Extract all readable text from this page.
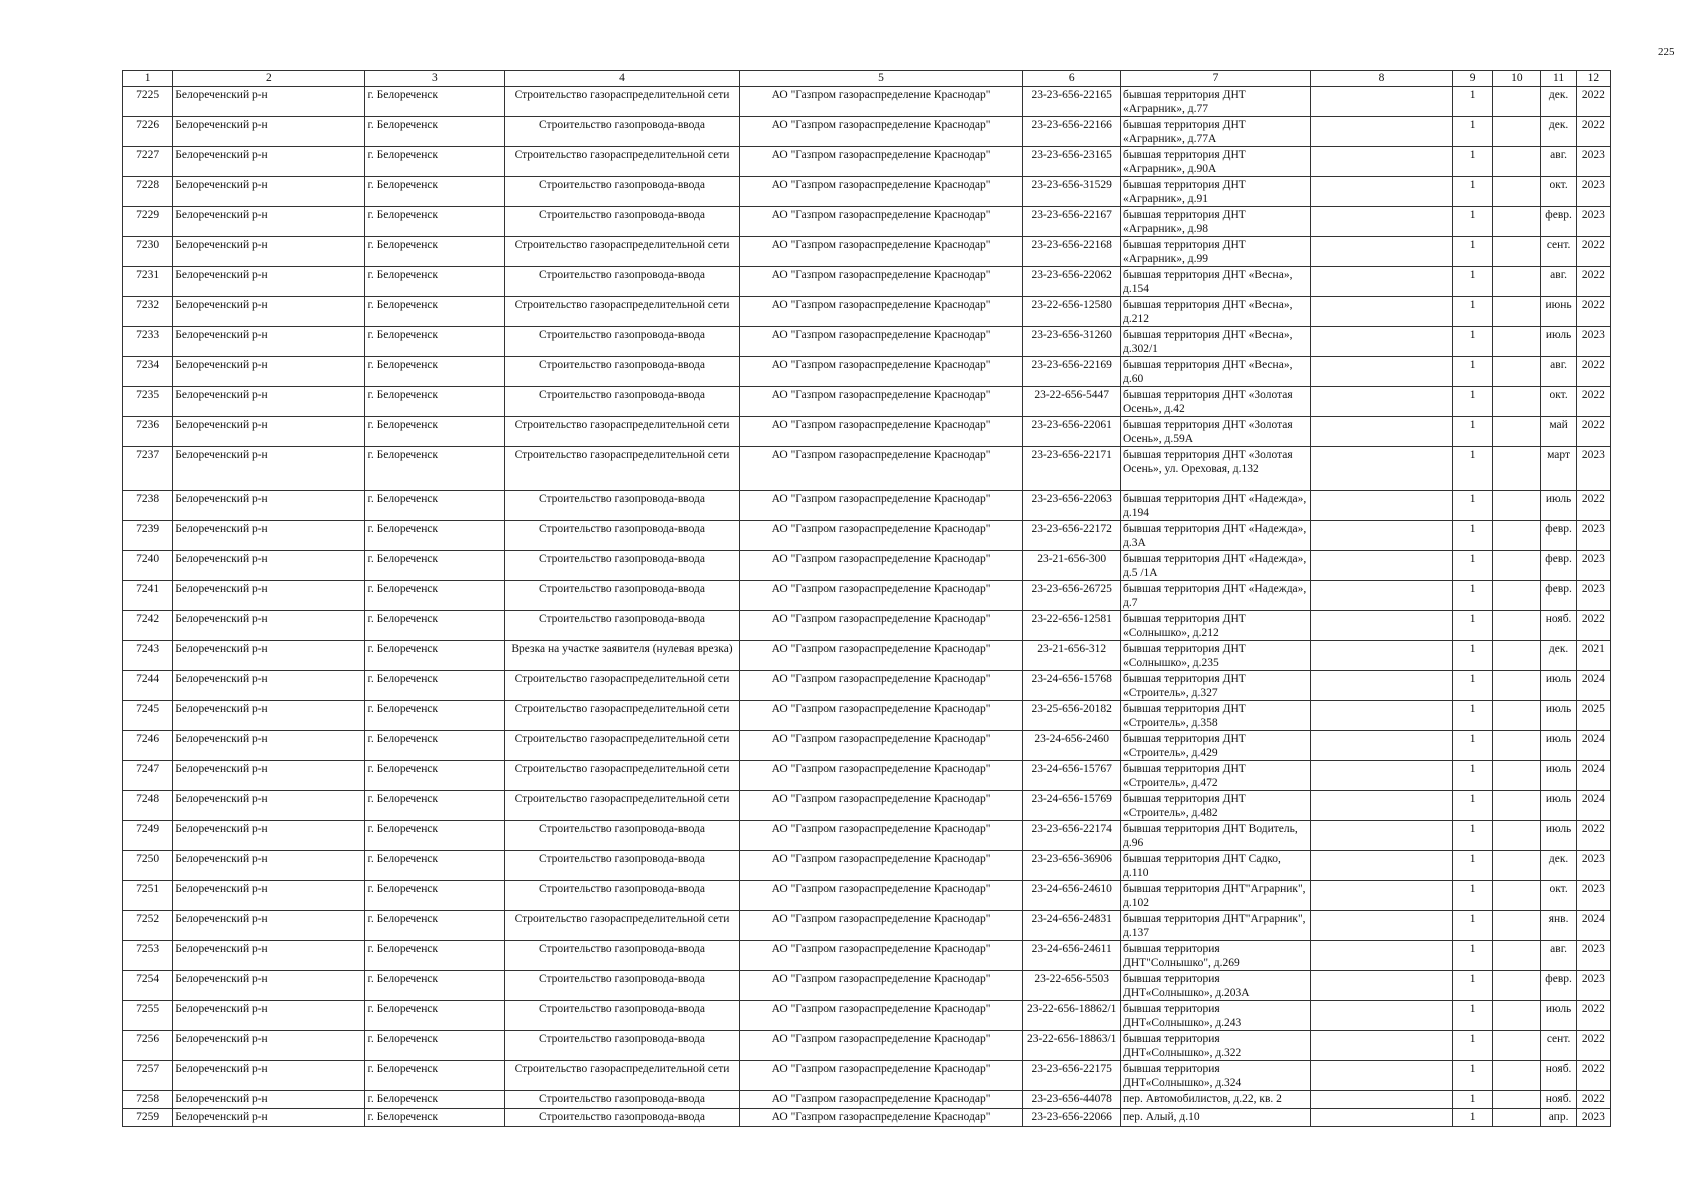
225
1	2	3	4	5	6	7	8	9	10	11	12
7225	Белореченский р-н	г. Белореченск	Строительство газораспределительной сети	АО "Газпром газораспределение Краснодар"	23-23-656-22165	бывшая территория ДНТ «Аграрник», д.77		1		дек.	2022
7226	Белореченский р-н	г. Белореченск	Строительство газопровода-ввода	АО "Газпром газораспределение Краснодар"	23-23-656-22166	бывшая территория ДНТ «Аграрник», д.77А		1		дек.	2022
7227	Белореченский р-н	г. Белореченск	Строительство газораспределительной сети	АО "Газпром газораспределение Краснодар"	23-23-656-23165	бывшая территория ДНТ «Аграрник», д.90А		1		авг.	2023
7228	Белореченский р-н	г. Белореченск	Строительство газопровода-ввода	АО "Газпром газораспределение Краснодар"	23-23-656-31529	бывшая территория ДНТ «Аграрник», д.91		1		окт.	2023
7229	Белореченский р-н	г. Белореченск	Строительство газопровода-ввода	АО "Газпром газораспределение Краснодар"	23-23-656-22167	бывшая территория ДНТ «Аграрник», д.98		1		февр.	2023
7230	Белореченский р-н	г. Белореченск	Строительство газораспределительной сети	АО "Газпром газораспределение Краснодар"	23-23-656-22168	бывшая территория ДНТ «Аграрник», д.99		1		сент.	2022
7231	Белореченский р-н	г. Белореченск	Строительство газопровода-ввода	АО "Газпром газораспределение Краснодар"	23-23-656-22062	бывшая территория ДНТ «Весна», д.154		1		авг.	2022
7232	Белореченский р-н	г. Белореченск	Строительство газораспределительной сети	АО "Газпром газораспределение Краснодар"	23-22-656-12580	бывшая территория ДНТ «Весна», д.212		1		июнь	2022
7233	Белореченский р-н	г. Белореченск	Строительство газопровода-ввода	АО "Газпром газораспределение Краснодар"	23-23-656-31260	бывшая территория ДНТ «Весна», д.302/1		1		июль	2023
7234	Белореченский р-н	г. Белореченск	Строительство газопровода-ввода	АО "Газпром газораспределение Краснодар"	23-23-656-22169	бывшая территория ДНТ «Весна», д.60		1		авг.	2022
7235	Белореченский р-н	г. Белореченск	Строительство газопровода-ввода	АО "Газпром газораспределение Краснодар"	23-22-656-5447	бывшая территория ДНТ «Золотая Осень», д.42		1		окт.	2022
7236	Белореченский р-н	г. Белореченск	Строительство газораспределительной сети	АО "Газпром газораспределение Краснодар"	23-23-656-22061	бывшая территория ДНТ «Золотая Осень», д.59А		1		май	2022
7237	Белореченский р-н	г. Белореченск	Строительство газораспределительной сети	АО "Газпром газораспределение Краснодар"	23-23-656-22171	бывшая территория ДНТ «Золотая Осень», ул. Ореховая, д.132		1		март	2023
7238	Белореченский р-н	г. Белореченск	Строительство газопровода-ввода	АО "Газпром газораспределение Краснодар"	23-23-656-22063	бывшая территория ДНТ «Надежда», д.194		1		июль	2022
7239	Белореченский р-н	г. Белореченск	Строительство газопровода-ввода	АО "Газпром газораспределение Краснодар"	23-23-656-22172	бывшая территория ДНТ «Надежда», д.3А		1		февр.	2023
7240	Белореченский р-н	г. Белореченск	Строительство газопровода-ввода	АО "Газпром газораспределение Краснодар"	23-21-656-300	бывшая территория ДНТ «Надежда», д.5 /1А		1		февр.	2023
7241	Белореченский р-н	г. Белореченск	Строительство газопровода-ввода	АО "Газпром газораспределение Краснодар"	23-23-656-26725	бывшая территория ДНТ «Надежда», д.7		1		февр.	2023
7242	Белореченский р-н	г. Белореченск	Строительство газопровода-ввода	АО "Газпром газораспределение Краснодар"	23-22-656-12581	бывшая территория ДНТ «Солнышко», д.212		1		нояб.	2022
7243	Белореченский р-н	г. Белореченск	Врезка на участке заявителя (нулевая врезка)	АО "Газпром газораспределение Краснодар"	23-21-656-312	бывшая территория ДНТ «Солнышко», д.235		1		дек.	2021
7244	Белореченский р-н	г. Белореченск	Строительство газораспределительной сети	АО "Газпром газораспределение Краснодар"	23-24-656-15768	бывшая территория ДНТ «Строитель», д.327		1		июль	2024
7245	Белореченский р-н	г. Белореченск	Строительство газораспределительной сети	АО "Газпром газораспределение Краснодар"	23-25-656-20182	бывшая территория ДНТ «Строитель», д.358		1		июль	2025
7246	Белореченский р-н	г. Белореченск	Строительство газораспределительной сети	АО "Газпром газораспределение Краснодар"	23-24-656-2460	бывшая территория ДНТ «Строитель», д.429		1		июль	2024
7247	Белореченский р-н	г. Белореченск	Строительство газораспределительной сети	АО "Газпром газораспределение Краснодар"	23-24-656-15767	бывшая территория ДНТ «Строитель», д.472		1		июль	2024
7248	Белореченский р-н	г. Белореченск	Строительство газораспределительной сети	АО "Газпром газораспределение Краснодар"	23-24-656-15769	бывшая территория ДНТ «Строитель», д.482		1		июль	2024
7249	Белореченский р-н	г. Белореченск	Строительство газопровода-ввода	АО "Газпром газораспределение Краснодар"	23-23-656-22174	бывшая территория ДНТ Водитель, д.96		1		июль	2022
7250	Белореченский р-н	г. Белореченск	Строительство газопровода-ввода	АО "Газпром газораспределение Краснодар"	23-23-656-36906	бывшая территория ДНТ Садко, д.110		1		дек.	2023
7251	Белореченский р-н	г. Белореченск	Строительство газопровода-ввода	АО "Газпром газораспределение Краснодар"	23-24-656-24610	бывшая территория ДНТ"Аграрник", д.102		1		окт.	2023
7252	Белореченский р-н	г. Белореченск	Строительство газораспределительной сети	АО "Газпром газораспределение Краснодар"	23-24-656-24831	бывшая территория ДНТ"Аграрник", д.137		1		янв.	2024
7253	Белореченский р-н	г. Белореченск	Строительство газопровода-ввода	АО "Газпром газораспределение Краснодар"	23-24-656-24611	бывшая территория ДНТ"Солнышко", д.269		1		авг.	2023
7254	Белореченский р-н	г. Белореченск	Строительство газопровода-ввода	АО "Газпром газораспределение Краснодар"	23-22-656-5503	бывшая территория ДНТ«Солнышко», д.203А		1		февр.	2023
7255	Белореченский р-н	г. Белореченск	Строительство газопровода-ввода	АО "Газпром газораспределение Краснодар"	23-22-656-18862/1	бывшая территория ДНТ«Солнышко», д.243		1		июль	2022
7256	Белореченский р-н	г. Белореченск	Строительство газопровода-ввода	АО "Газпром газораспределение Краснодар"	23-22-656-18863/1	бывшая территория ДНТ«Солнышко», д.322		1		сент.	2022
7257	Белореченский р-н	г. Белореченск	Строительство газораспределительной сети	АО "Газпром газораспределение Краснодар"	23-23-656-22175	бывшая территория ДНТ«Солнышко», д.324		1		нояб.	2022
7258	Белореченский р-н	г. Белореченск	Строительство газопровода-ввода	АО "Газпром газораспределение Краснодар"	23-23-656-44078	пер. Автомобилистов, д.22, кв. 2		1		нояб.	2022
7259	Белореченский р-н	г. Белореченск	Строительство газопровода-ввода	АО "Газпром газораспределение Краснодар"	23-23-656-22066	пер. Алый, д.10		1		апр.	2023
